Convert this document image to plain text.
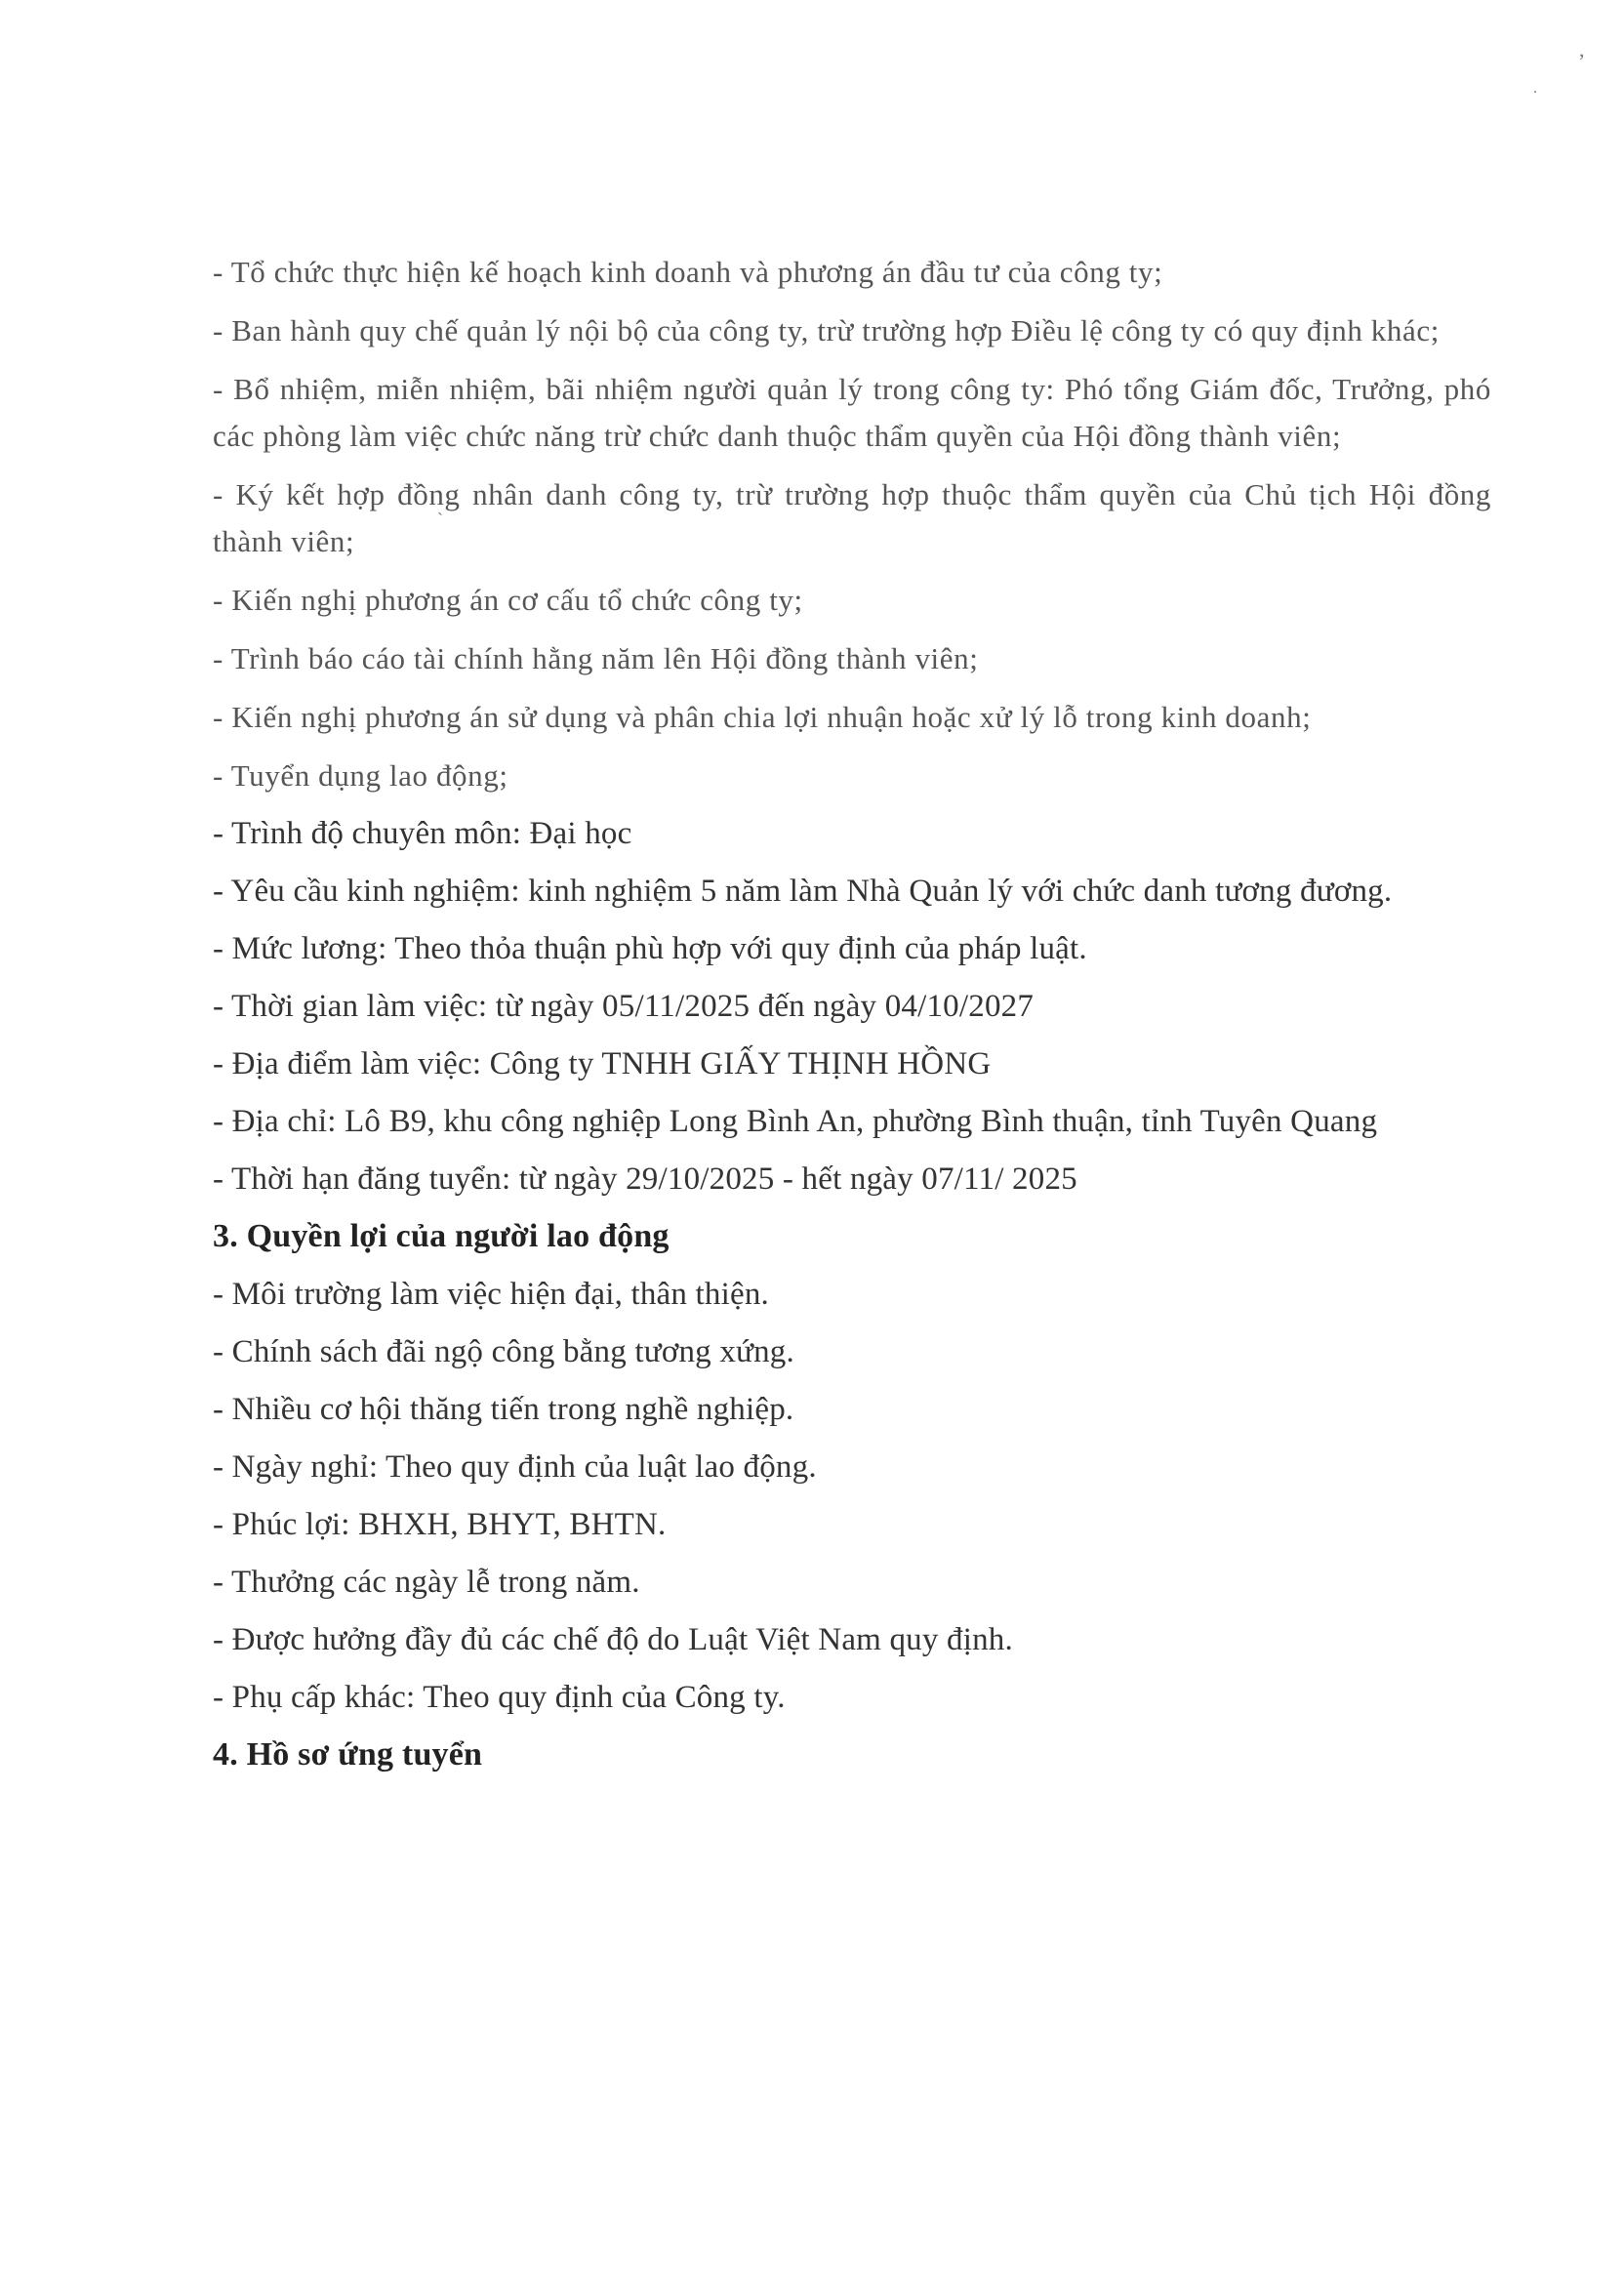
,
.
`

- Tổ chức thực hiện kế hoạch kinh doanh và phương án đầu tư của công ty;

- Ban hành quy chế quản lý nội bộ của công ty, trừ trường hợp Điều lệ công ty có quy định khác;

- Bổ nhiệm, miễn nhiệm, bãi nhiệm người quản lý trong công ty: Phó tổng Giám đốc, Trưởng, phó các phòng làm việc chức năng trừ chức danh thuộc thẩm quyền của Hội đồng thành viên;

- Ký kết hợp đồng nhân danh công ty, trừ trường hợp thuộc thẩm quyền của Chủ tịch Hội đồng thành viên;

- Kiến nghị phương án cơ cấu tổ chức công ty;

- Trình báo cáo tài chính hằng năm lên Hội đồng thành viên;

- Kiến nghị phương án sử dụng và phân chia lợi nhuận hoặc xử lý lỗ trong kinh doanh;

- Tuyển dụng lao động;

- Trình độ chuyên môn: Đại học

- Yêu cầu kinh nghiệm: kinh nghiệm 5 năm làm Nhà Quản lý với chức danh tương đương.

- Mức lương: Theo thỏa thuận phù hợp với quy định của pháp luật.

- Thời gian làm việc: từ ngày 05/11/2025 đến ngày 04/10/2027

- Địa điểm làm việc: Công ty TNHH GIẤY THỊNH HỒNG

- Địa chỉ: Lô B9, khu công nghiệp Long Bình An, phường Bình thuận, tỉnh Tuyên Quang

- Thời hạn đăng tuyển: từ ngày 29/10/2025 - hết ngày 07/11/ 2025

3. Quyền lợi của người lao động

- Môi trường làm việc hiện đại, thân thiện.

- Chính sách đãi ngộ công bằng tương xứng.

- Nhiều cơ hội thăng tiến trong nghề nghiệp.

- Ngày nghỉ: Theo quy định của luật lao động.

- Phúc lợi: BHXH, BHYT, BHTN.

- Thưởng các ngày lễ trong năm.

- Được hưởng đầy đủ các chế độ do Luật Việt Nam quy định.

- Phụ cấp khác: Theo quy định của Công ty.

4. Hồ sơ ứng tuyển
